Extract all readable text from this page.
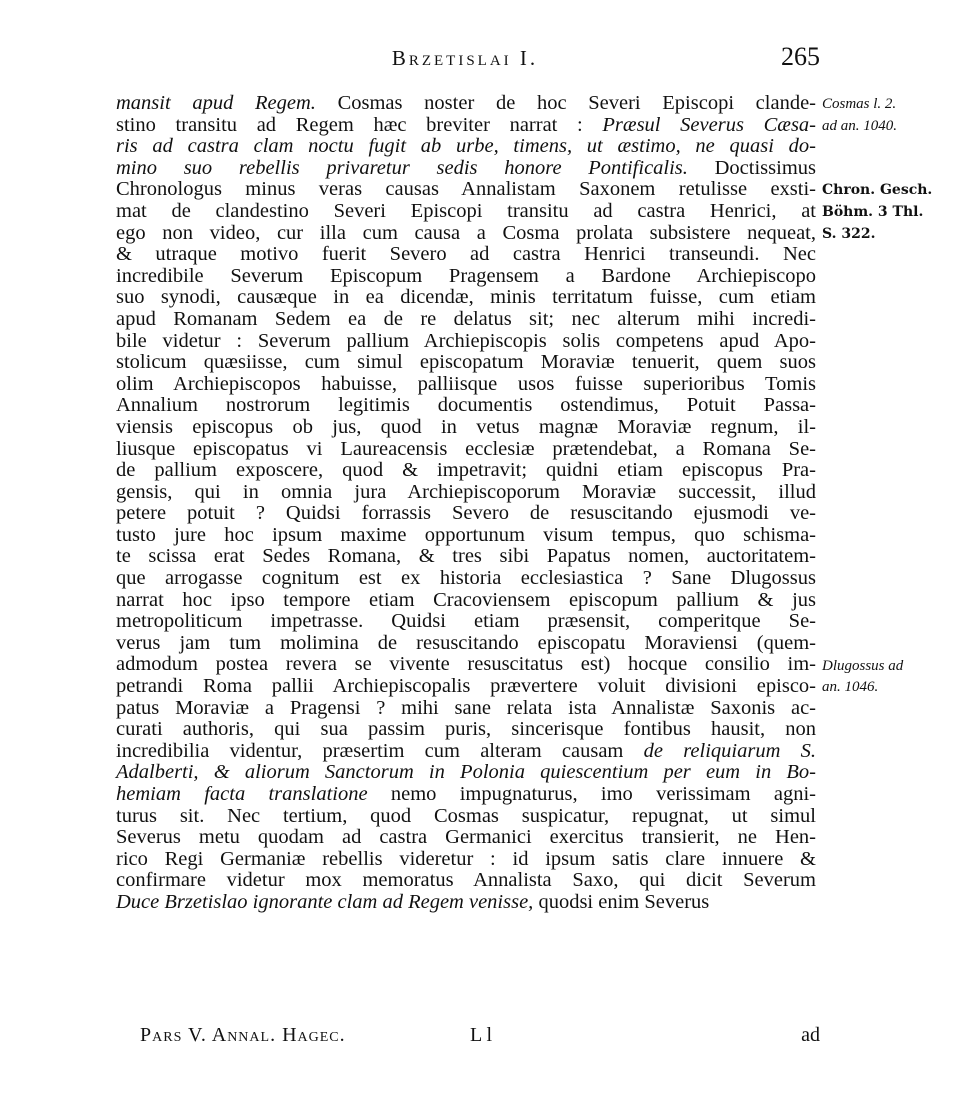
Brzetislai I.	265
mansit apud Regem. Cosmas noster de hoc Severi Episcopi clande-
stino transitu ad Regem hæc breviter narrat : Præsul Severus Cæsa-
ris ad castra clam noctu fugit ab urbe, timens, ut æstimo, ne quasi do-
mino suo rebellis privaretur sedis honore Pontificalis. Doctissimus
Chronologus minus veras causas Annalistam Saxonem retulisse exsti-
mat de clandestino Severi Episcopi transitu ad castra Henrici, at
ego non video, cur illa cum causa a Cosma prolata subsistere nequeat,
& utraque motivo fuerit Severo ad castra Henrici transeundi. Nec
incredibile Severum Episcopum Pragensem a Bardone Archiepiscopo
suo synodi, causæque in ea dicendæ, minis territatum fuisse, cum etiam
apud Romanam Sedem ea de re delatus sit; nec alterum mihi incredi-
bile videtur : Severum pallium Archiepiscopis solis competens apud Apo-
stolicum quæsiisse, cum simul episcopatum Moraviæ tenuerit, quem suos
olim Archiepiscopos habuisse, palliisque usos fuisse superioribus Tomis
Annalium nostrorum legitimis documentis ostendimus, Potuit Passa-
viensis episcopus ob jus, quod in vetus magnæ Moraviæ regnum, il-
liusque episcopatus vi Laureacensis ecclesiæ prætendebat, a Romana Se-
de pallium exposcere, quod & impetravit; quidni etiam episcopus Pra-
gensis, qui in omnia jura Archiepiscoporum Moraviæ successit, illud
petere potuit ? Quidsi forrassis Severo de resuscitando ejusmodi ve-
tusto jure hoc ipsum maxime opportunum visum tempus, quo schisma-
te scissa erat Sedes Romana, & tres sibi Papatus nomen, auctoritatem-
que arrogasse cognitum est ex historia ecclesiastica ? Sane Dlugossus
narrat hoc ipso tempore etiam Cracoviensem episcopum pallium & jus
metropoliticum impetrasse. Quidsi etiam præsensit, comperitque Se-
verus jam tum molimina de resuscitando episcopatu Moraviensi (quem-
admodum postea revera se vivente resuscitatus est) hocque consilio im-
petrandi Roma pallii Archiepiscopalis prævertere voluit divisioni episco-
patus Moraviæ a Pragensi ? mihi sane relata ista Annalistæ Saxonis ac-
curati authoris, qui sua passim puris, sincerisque fontibus hausit, non
incredibilia videntur, præsertim cum alteram causam de reliquiarum S.
Adalberti, & aliorum Sanctorum in Polonia quiescentium per eum in Bo-
hemiam facta translatione nemo impugnaturus, imo verissimam agni-
turus sit. Nec tertium, quod Cosmas suspicatur, repugnat, ut simul
Severus metu quodam ad castra Germanici exercitus transierit, ne Hen-
rico Regi Germaniæ rebellis videretur : id ipsum satis clare innuere &
confirmare videtur mox memoratus Annalista Saxo, qui dicit Severum
Duce Brzetislao ignorante clam ad Regem venisse, quodsi enim Severus
Cosmas l. 2.
ad an. 1040.
Chron. Gesch.
Böhm. 3 Thl.
S. 322.
Dlugossus ad
an. 1046.
Pars V. Annal. Hagec.	L l	ad
